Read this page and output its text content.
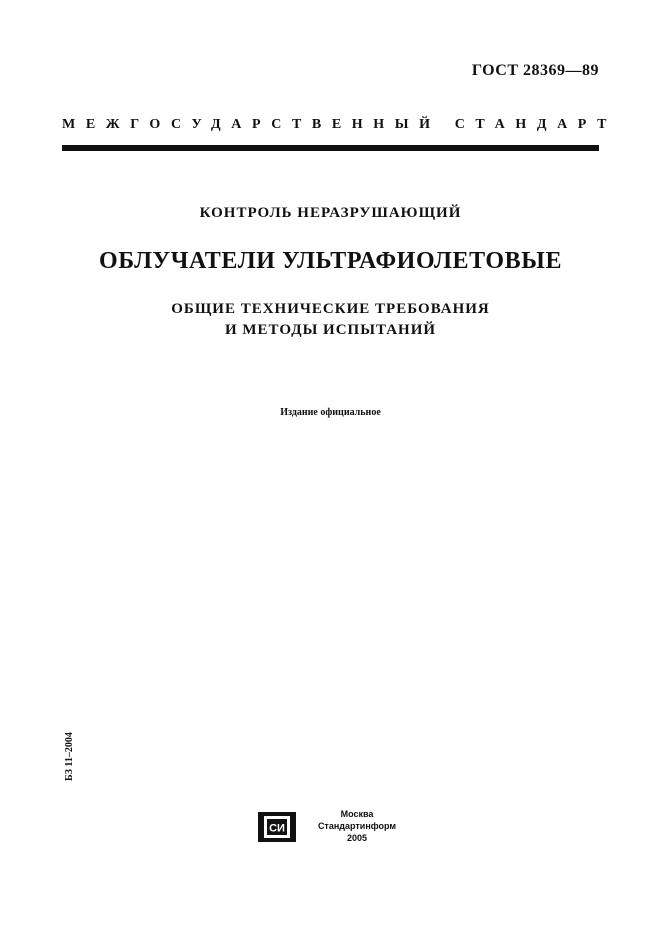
ГОСТ 28369—89
МЕЖГОСУДАРСТВЕННЫЙ СТАНДАРТ
КОНТРОЛЬ НЕРАЗРУШАЮЩИЙ
ОБЛУЧАТЕЛИ УЛЬТРАФИОЛЕТОВЫЕ
ОБЩИЕ ТЕХНИЧЕСКИЕ ТРЕБОВАНИЯ
И МЕТОДЫ ИСПЫТАНИЙ
Издание официальное
БЗ 11–2004
СИ
Москва
Стандартинформ
2005
